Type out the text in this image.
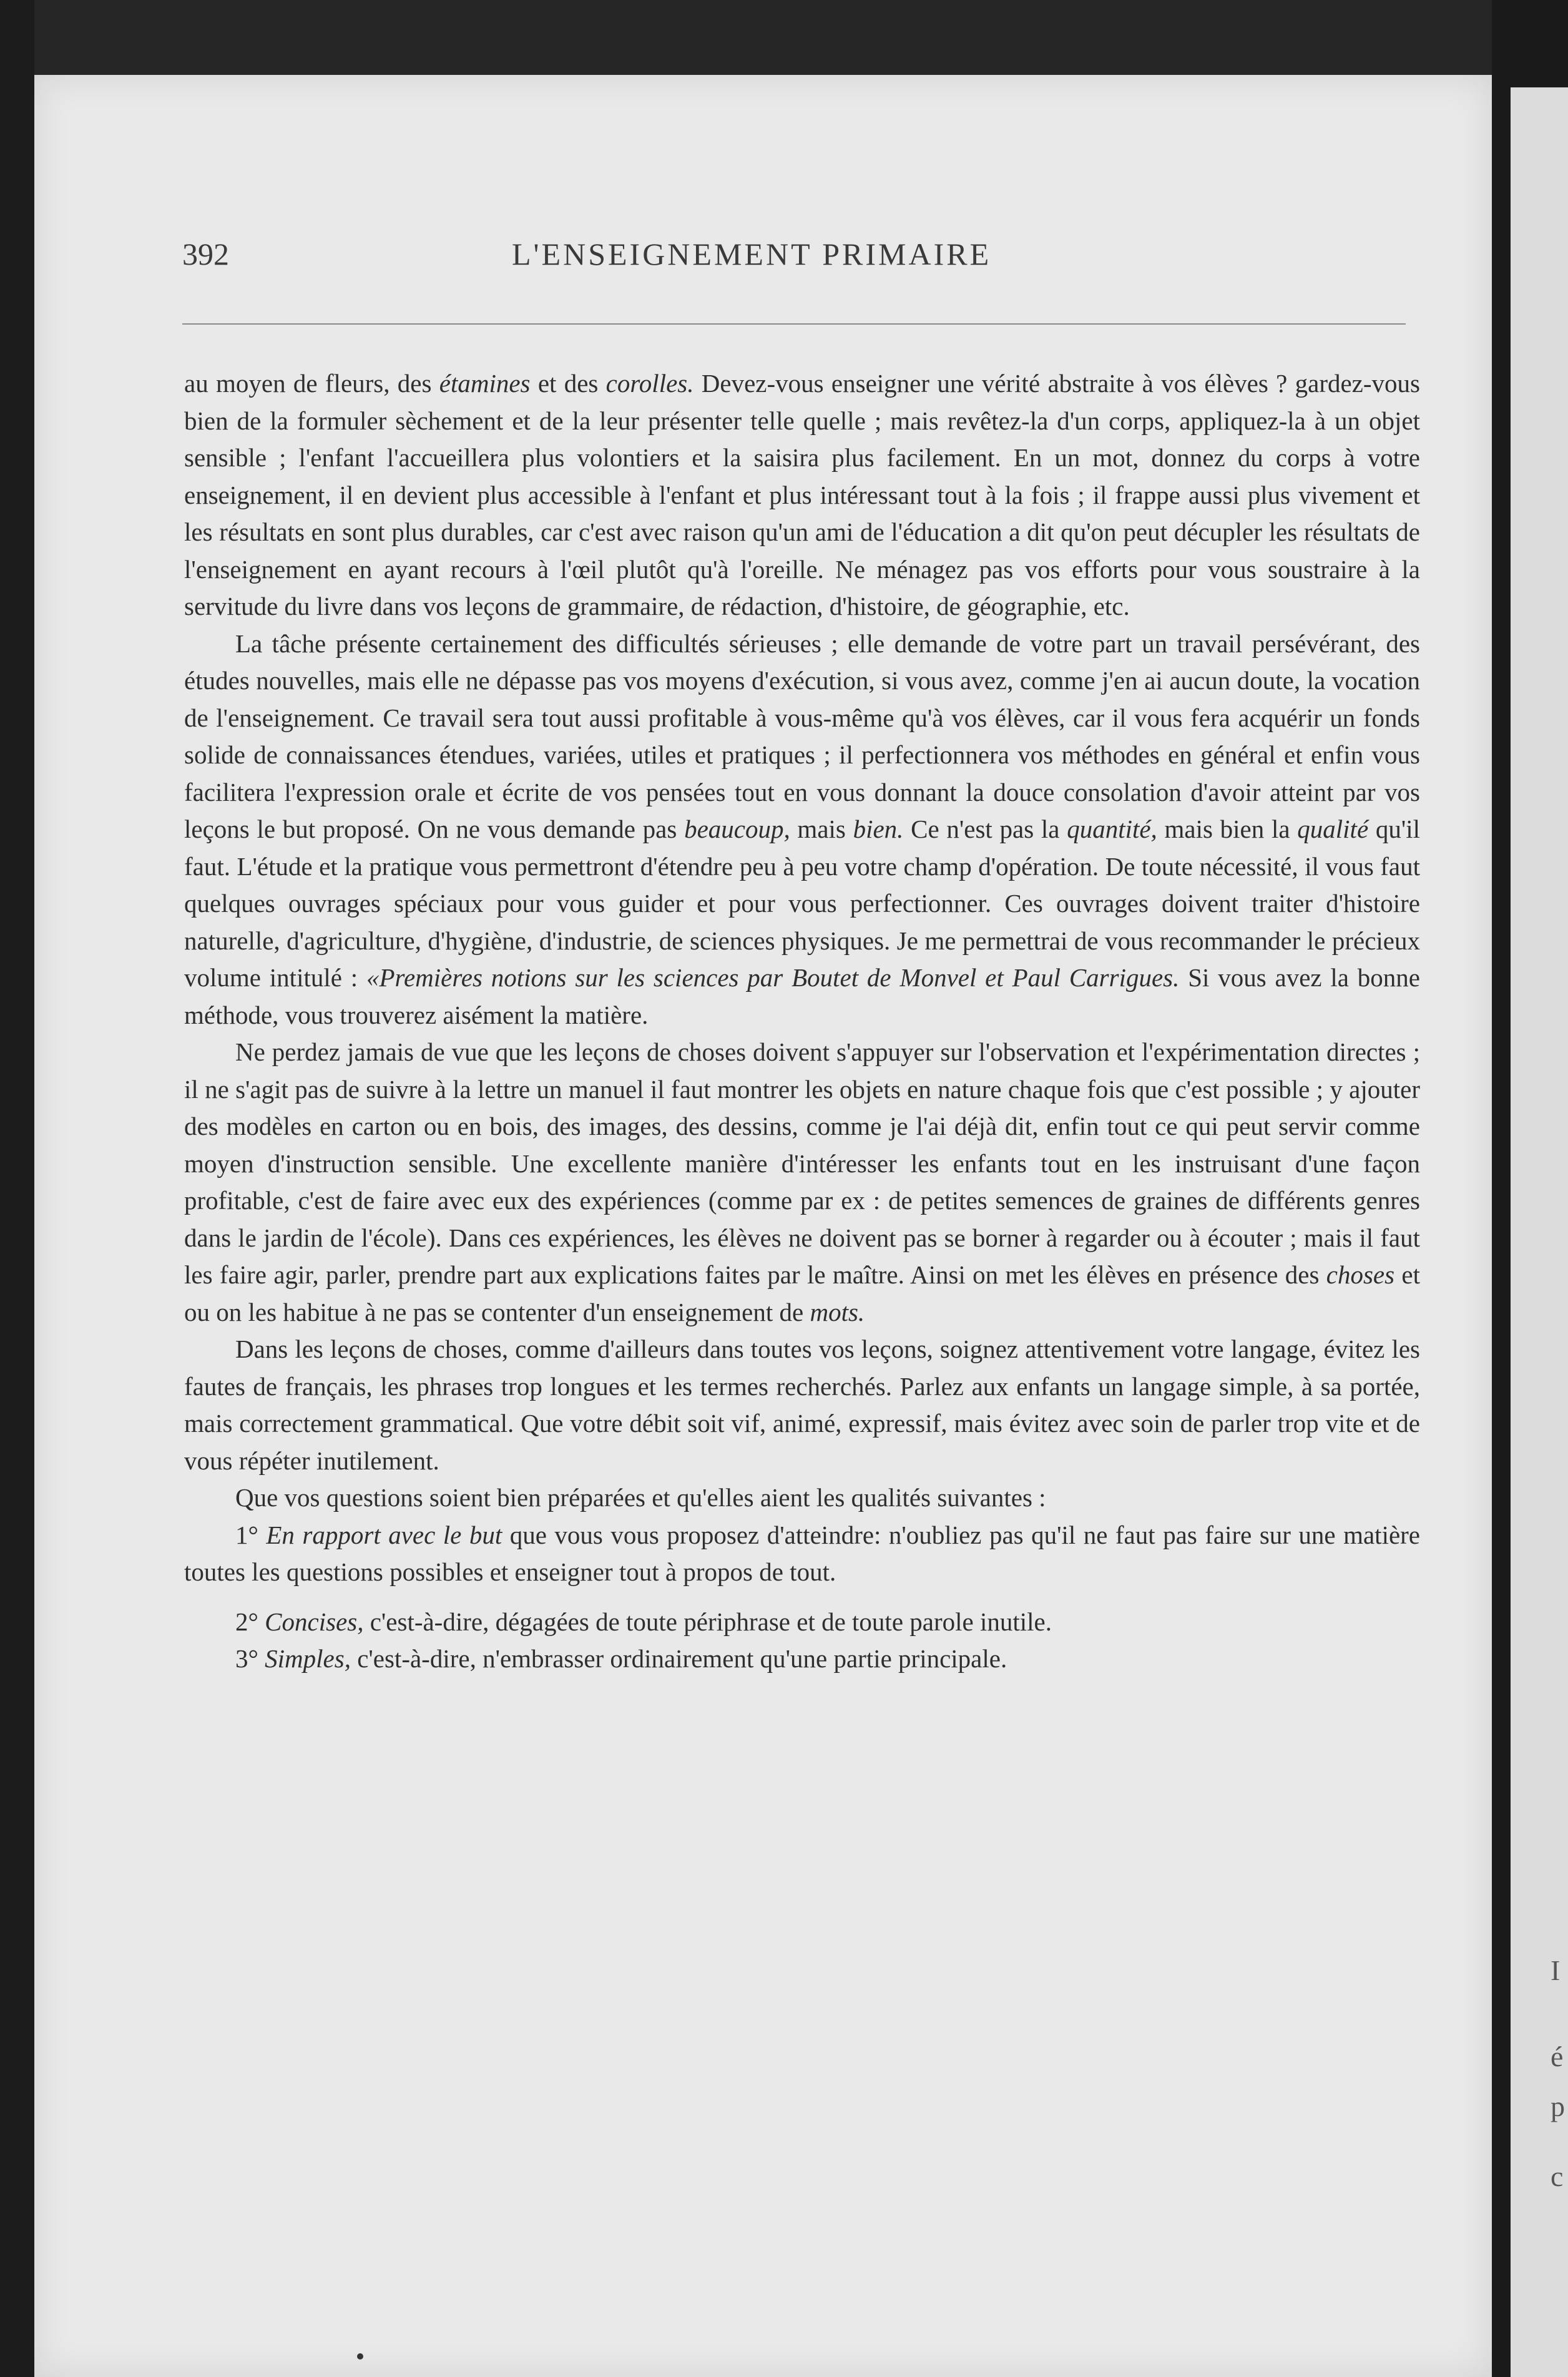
I
é
p
c
392	L'ENSEIGNEMENT PRIMAIRE

au moyen de fleurs, des étamines et des corolles. Devez-vous enseigner une vérité abstraite à vos élèves ? gardez-vous bien de la formuler sèchement et de la leur présenter telle quelle ; mais revêtez-la d'un corps, appliquez-la à un objet sensible ; l'enfant l'accueillera plus volontiers et la saisira plus facilement. En un mot, donnez du corps à votre enseignement, il en devient plus accessible à l'enfant et plus intéressant tout à la fois ; il frappe aussi plus vivement et les résultats en sont plus durables, car c'est avec raison qu'un ami de l'éducation a dit qu'on peut décupler les résultats de l'enseignement en ayant recours à l'œil plutôt qu'à l'oreille. Ne ménagez pas vos efforts pour vous soustraire à la servitude du livre dans vos leçons de grammaire, de rédaction, d'histoire, de géographie, etc.

La tâche présente certainement des difficultés sérieuses ; elle demande de votre part un travail persévérant, des études nouvelles, mais elle ne dépasse pas vos moyens d'exécution, si vous avez, comme j'en ai aucun doute, la vocation de l'enseignement. Ce travail sera tout aussi profitable à vous-même qu'à vos élèves, car il vous fera acquérir un fonds solide de connaissances étendues, variées, utiles et pratiques ; il perfectionnera vos méthodes en général et enfin vous facilitera l'expression orale et écrite de vos pensées tout en vous donnant la douce consolation d'avoir atteint par vos leçons le but proposé. On ne vous demande pas beaucoup, mais bien. Ce n'est pas la quantité, mais bien la qualité qu'il faut. L'étude et la pratique vous permettront d'étendre peu à peu votre champ d'opération. De toute nécessité, il vous faut quelques ouvrages spéciaux pour vous guider et pour vous perfectionner. Ces ouvrages doivent traiter d'histoire naturelle, d'agriculture, d'hygiène, d'industrie, de sciences physiques. Je me permettrai de vous recommander le précieux volume intitulé : «Premières notions sur les sciences par Boutet de Monvel et Paul Carrigues. Si vous avez la bonne méthode, vous trouverez aisément la matière.

Ne perdez jamais de vue que les leçons de choses doivent s'appuyer sur l'observation et l'expérimentation directes ; il ne s'agit pas de suivre à la lettre un manuel il faut montrer les objets en nature chaque fois que c'est possible ; y ajouter des modèles en carton ou en bois, des images, des dessins, comme je l'ai déjà dit, enfin tout ce qui peut servir comme moyen d'instruction sensible. Une excellente manière d'intéresser les enfants tout en les instruisant d'une façon profitable, c'est de faire avec eux des expériences (comme par ex : de petites semences de graines de différents genres dans le jardin de l'école). Dans ces expériences, les élèves ne doivent pas se borner à regarder ou à écouter ; mais il faut les faire agir, parler, prendre part aux explications faites par le maître. Ainsi on met les élèves en présence des choses et ou on les habitue à ne pas se contenter d'un enseignement de mots.

Dans les leçons de choses, comme d'ailleurs dans toutes vos leçons, soignez attentivement votre langage, évitez les fautes de français, les phrases trop longues et les termes recherchés. Parlez aux enfants un langage simple, à sa portée, mais correctement grammatical. Que votre débit soit vif, animé, expressif, mais évitez avec soin de parler trop vite et de vous répéter inutilement.

Que vos questions soient bien préparées et qu'elles aient les qualités suivantes :

1° En rapport avec le but que vous vous proposez d'atteindre: n'oubliez pas qu'il ne faut pas faire sur une matière toutes les questions possibles et enseigner tout à propos de tout.

2° Concises, c'est-à-dire, dégagées de toute périphrase et de toute parole inutile.

3° Simples, c'est-à-dire, n'embrasser ordinairement qu'une partie principale.
